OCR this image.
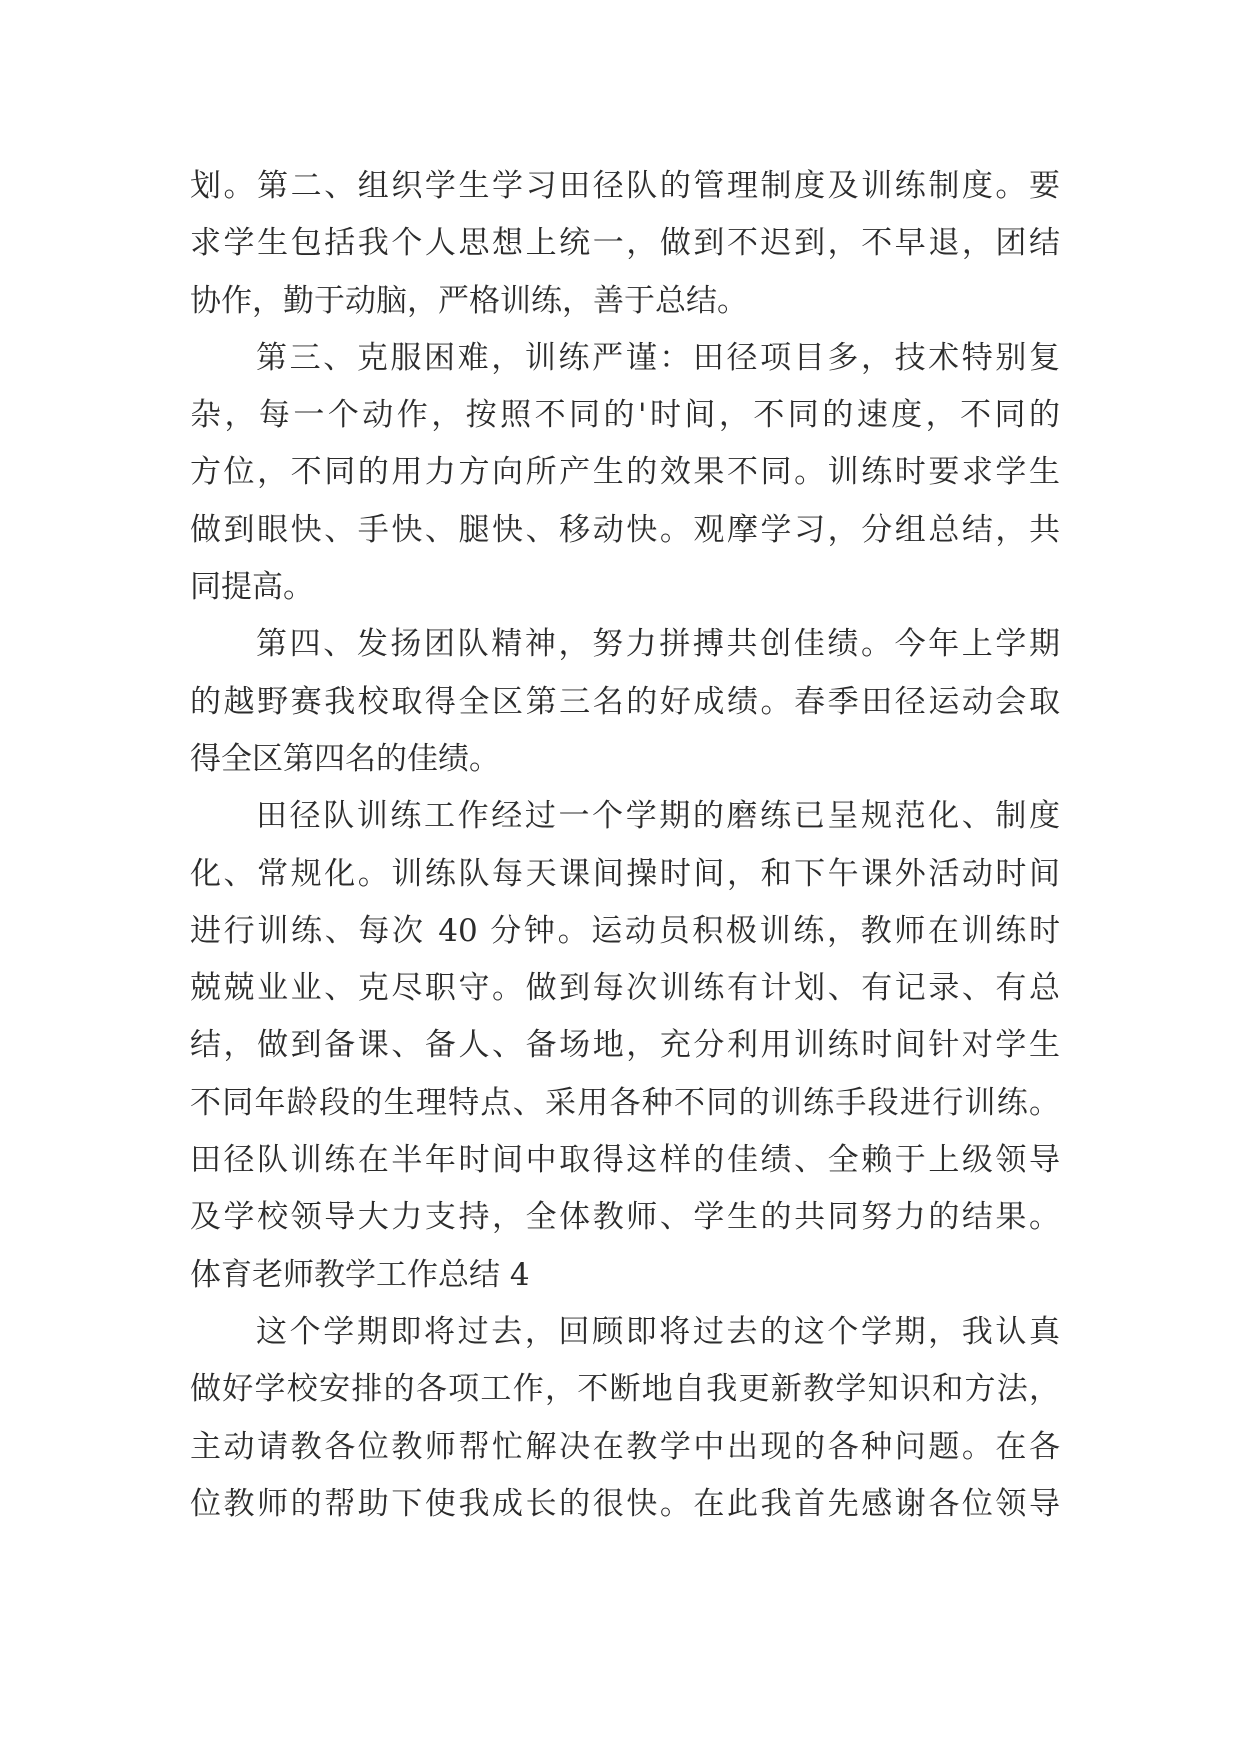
划。第二、组织学生学习田径队的管理制度及训练制度。要
求学生包括我个人思想上统一，做到不迟到，不早退，团结
协作，勤于动脑，严格训练，善于总结。
第三、克服困难，训练严谨：田径项目多，技术特别复
杂，每一个动作，按照不同的'时间，不同的速度，不同的
方位，不同的用力方向所产生的效果不同。训练时要求学生
做到眼快、手快、腿快、移动快。观摩学习，分组总结，共
同提高。
第四、发扬团队精神，努力拼搏共创佳绩。今年上学期
的越野赛我校取得全区第三名的好成绩。春季田径运动会取
得全区第四名的佳绩。
田径队训练工作经过一个学期的磨练已呈规范化、制度
化、常规化。训练队每天课间操时间，和下午课外活动时间
进行训练、每次 40 分钟。运动员积极训练，教师在训练时
兢兢业业、克尽职守。做到每次训练有计划、有记录、有总
结，做到备课、备人、备场地，充分利用训练时间针对学生
不同年龄段的生理特点、采用各种不同的训练手段进行训练。
田径队训练在半年时间中取得这样的佳绩、全赖于上级领导
及学校领导大力支持，全体教师、学生的共同努力的结果。
体育老师教学工作总结 4
这个学期即将过去，回顾即将过去的这个学期，我认真
做好学校安排的各项工作，不断地自我更新教学知识和方法，
主动请教各位教师帮忙解决在教学中出现的各种问题。在各
位教师的帮助下使我成长的很快。在此我首先感谢各位领导
